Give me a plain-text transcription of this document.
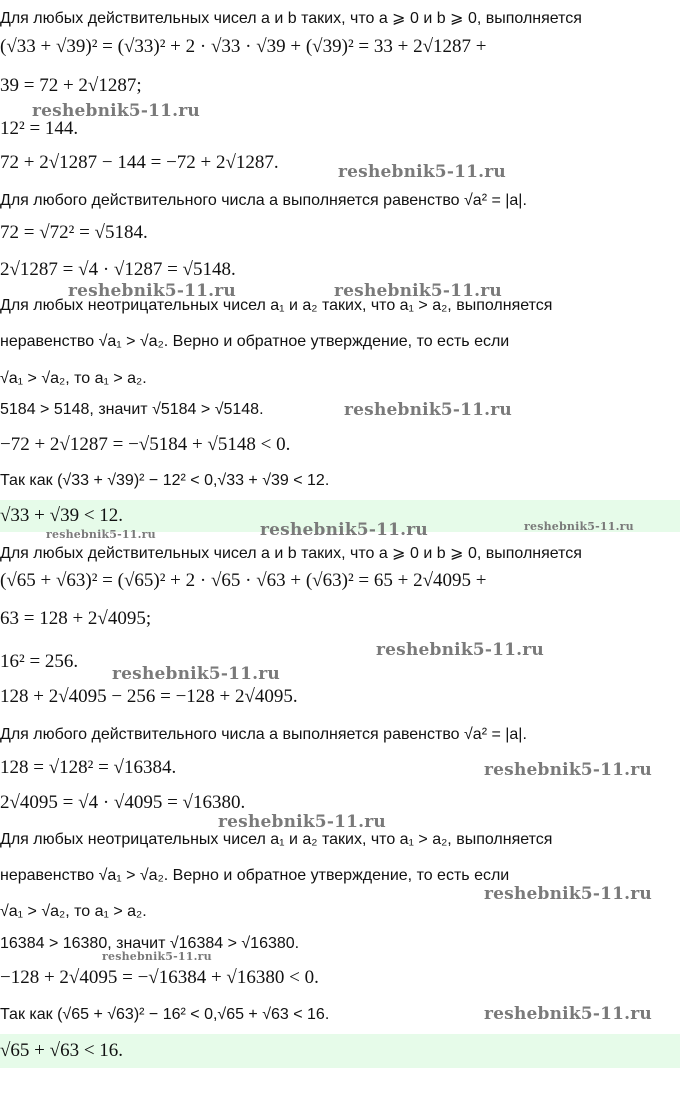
Для любых действительных чисел a и b таких, что a ⩾ 0 и b ⩾ 0, выполняется
(√33 + √39)² = (√33)² + 2 · √33 · √39 + (√39)² = 33 + 2√1287 +
39 = 72 + 2√1287;
12² = 144.
72 + 2√1287 − 144 = −72 + 2√1287.
Для любого действительного числа a выполняется равенство √a² = |a|.
72 = √72² = √5184.
2√1287 = √4 · √1287 = √5148.
Для любых неотрицательных чисел a₁ и a₂ таких, что a₁ > a₂, выполняется
неравенство √a₁ > √a₂. Верно и обратное утверждение, то есть если
√a₁ > √a₂, то a₁ > a₂.
5184 > 5148, значит √5184 > √5148.
−72 + 2√1287 = −√5184 + √5148 < 0.
Так как (√33 + √39)² − 12² < 0,√33 + √39 < 12.
√33 + √39 < 12.
Для любых действительных чисел a и b таких, что a ⩾ 0 и b ⩾ 0, выполняется
(√65 + √63)² = (√65)² + 2 · √65 · √63 + (√63)² = 65 + 2√4095 +
63 = 128 + 2√4095;
16² = 256.
128 + 2√4095 − 256 = −128 + 2√4095.
Для любого действительного числа a выполняется равенство √a² = |a|.
128 = √128² = √16384.
2√4095 = √4 · √4095 = √16380.
Для любых неотрицательных чисел a₁ и a₂ таких, что a₁ > a₂, выполняется
неравенство √a₁ > √a₂. Верно и обратное утверждение, то есть если
√a₁ > √a₂, то a₁ > a₂.
16384 > 16380, значит √16384 > √16380.
−128 + 2√4095 = −√16384 + √16380 < 0.
Так как (√65 + √63)² − 16² < 0,√65 + √63 < 16.
√65 + √63 < 16.
reshebnik5-11.ru
reshebnik5-11.ru
reshebnik5-11.ru	reshebnik5-11.ru
reshebnik5-11.ru
reshebnik5-11.ru	reshebnik5-11.ru
reshebnik5-11.ru
reshebnik5-11.ru
reshebnik5-11.ru
reshebnik5-11.ru
reshebnik5-11.ru
reshebnik5-11.ru
reshebnik5-11.ru
reshebnik5-11.ru
